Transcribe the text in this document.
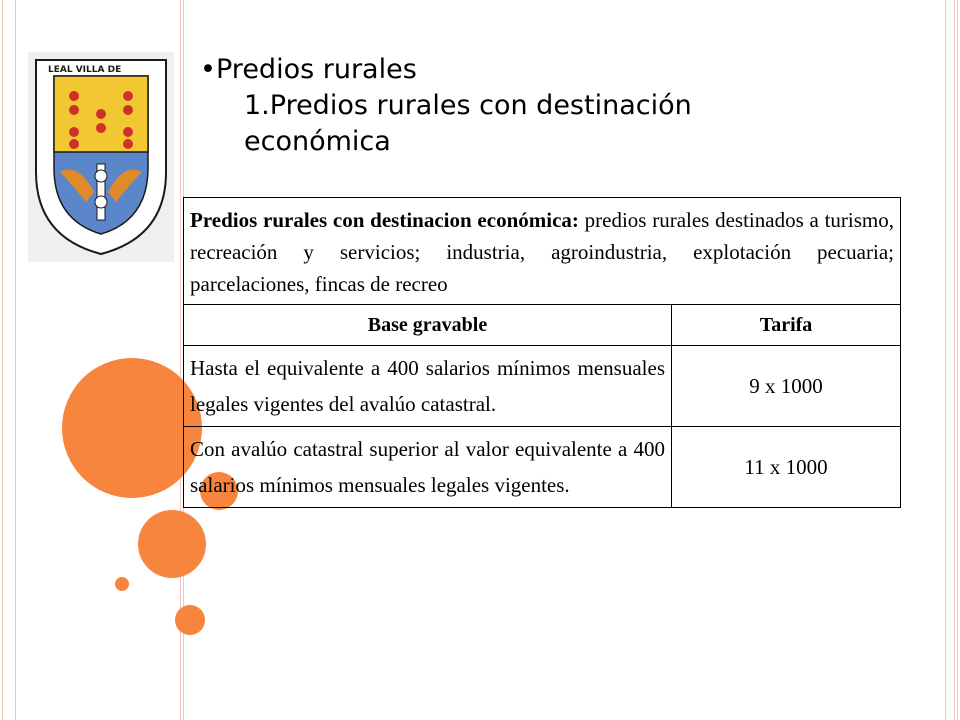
LEAL VILLA DE	•Predios rurales
1.Predios rurales con destinación
económica
Predios rurales con destinacion económica: predios rurales destinados a turismo, recreación y servicios; industria, agroindustria, explotación pecuaria; parcelaciones, fincas de recreo	
Base gravable	Tarifa
Hasta el equivalente a 400 salarios mínimos mensuales legales vigentes del avalúo catastral.	9 x 1000
Con avalúo catastral superior al valor equivalente a 400 salarios mínimos mensuales legales vigentes.	11 x 1000
